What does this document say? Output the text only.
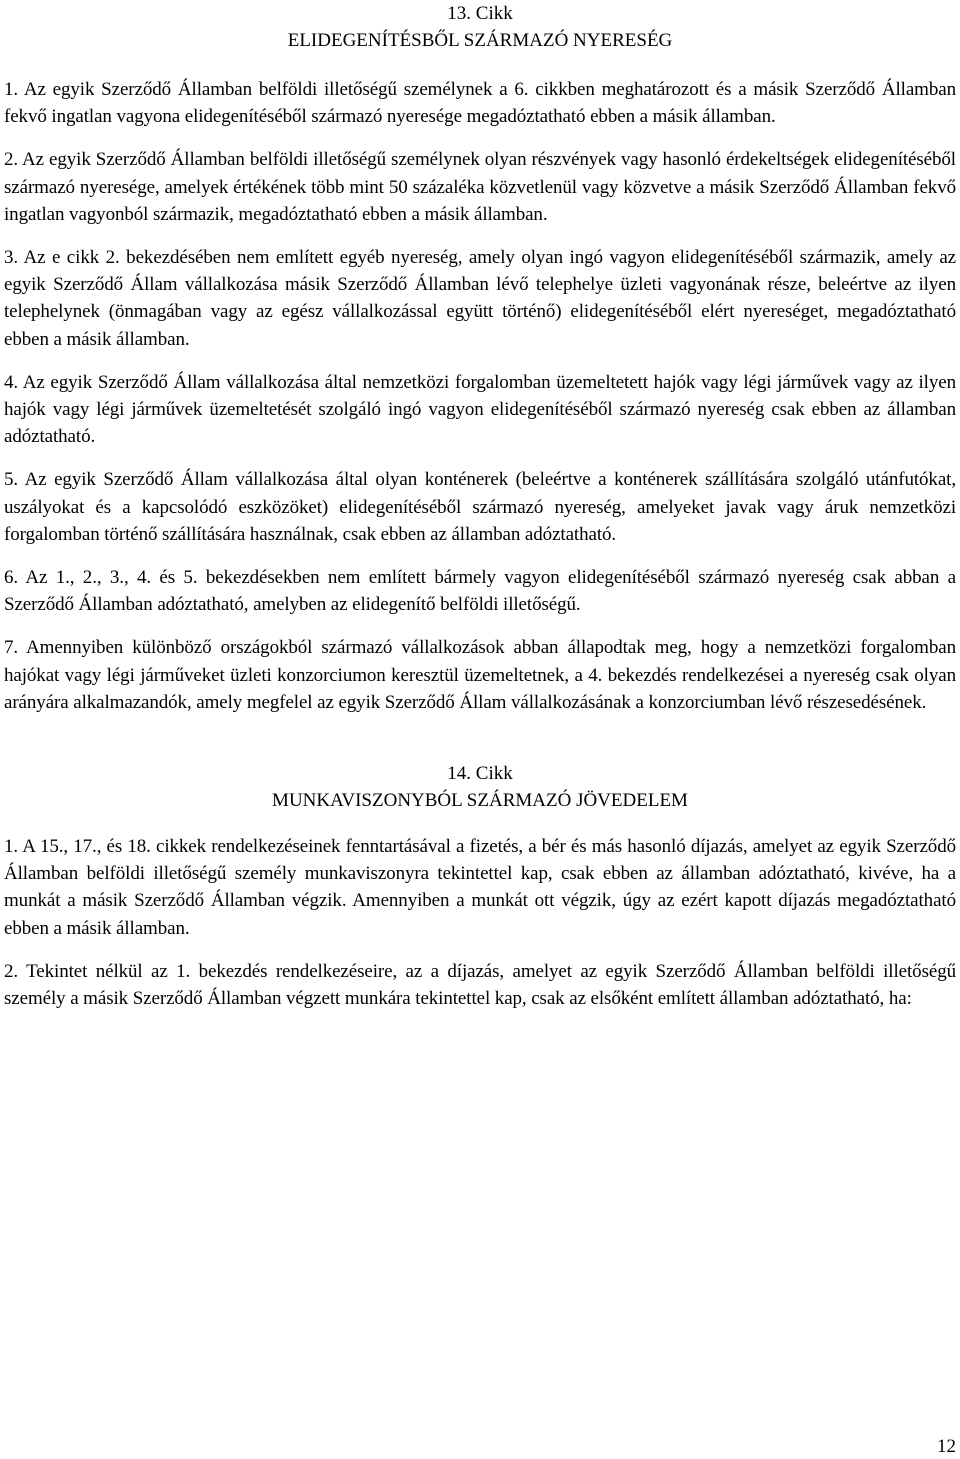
13. Cikk
ELIDEGENÍTÉSBŐL SZÁRMAZÓ NYERESÉG

1. Az egyik Szerződő Államban belföldi illetőségű személynek a 6. cikkben meghatározott és a másik Szerződő Államban fekvő ingatlan vagyona elidegenítéséből származó nyeresége megadóztatható ebben a másik államban.

2. Az egyik Szerződő Államban belföldi illetőségű személynek olyan részvények vagy hasonló érdekeltségek elidegenítéséből származó nyeresége, amelyek értékének több mint 50 százaléka közvetlenül vagy közvetve a másik Szerződő Államban fekvő ingatlan vagyonból származik, megadóztatható ebben a másik államban.

3. Az e cikk 2. bekezdésében nem említett egyéb nyereség, amely olyan ingó vagyon elidegenítéséből származik, amely az egyik Szerződő Állam vállalkozása másik Szerződő Államban lévő telephelye üzleti vagyonának része, beleértve az ilyen telephelynek (önmagában vagy az egész vállalkozással együtt történő) elidegenítéséből elért nyereséget, megadóztatható ebben a másik államban.

4. Az egyik Szerződő Állam vállalkozása által nemzetközi forgalomban üzemeltetett hajók vagy légi járművek vagy az ilyen hajók vagy légi járművek üzemeltetését szolgáló ingó vagyon elidegenítéséből származó nyereség csak ebben az államban adóztatható.

5. Az egyik Szerződő Állam vállalkozása által olyan konténerek (beleértve a konténerek szállítására szolgáló utánfutókat, uszályokat és a kapcsolódó eszközöket) elidegenítéséből származó nyereség, amelyeket javak vagy áruk nemzetközi forgalomban történő szállítására használnak, csak ebben az államban adóztatható.

6. Az 1., 2., 3., 4. és 5. bekezdésekben nem említett bármely vagyon elidegenítéséből származó nyereség csak abban a Szerződő Államban adóztatható, amelyben az elidegenítő belföldi illetőségű.

7. Amennyiben különböző országokból származó vállalkozások abban állapodtak meg, hogy a nemzetközi forgalomban hajókat vagy légi járműveket üzleti konzorciumon keresztül üzemeltetnek, a 4. bekezdés rendelkezései a nyereség csak olyan arányára alkalmazandók, amely megfelel az egyik Szerződő Állam vállalkozásának a konzorciumban lévő részesedésének.

14. Cikk
MUNKAVISZONYBÓL SZÁRMAZÓ JÖVEDELEM

1. A 15., 17., és 18. cikkek rendelkezéseinek fenntartásával a fizetés, a bér és más hasonló díjazás, amelyet az egyik Szerződő Államban belföldi illetőségű személy munkaviszonyra tekintettel kap, csak ebben az államban adóztatható, kivéve, ha a munkát a másik Szerződő Államban végzik. Amennyiben a munkát ott végzik, úgy az ezért kapott díjazás megadóztatható ebben a másik államban.

2. Tekintet nélkül az 1. bekezdés rendelkezéseire, az a díjazás, amelyet az egyik Szerződő Államban belföldi illetőségű személy a másik Szerződő Államban végzett munkára tekintettel kap, csak az elsőként említett államban adóztatható, ha:

12
